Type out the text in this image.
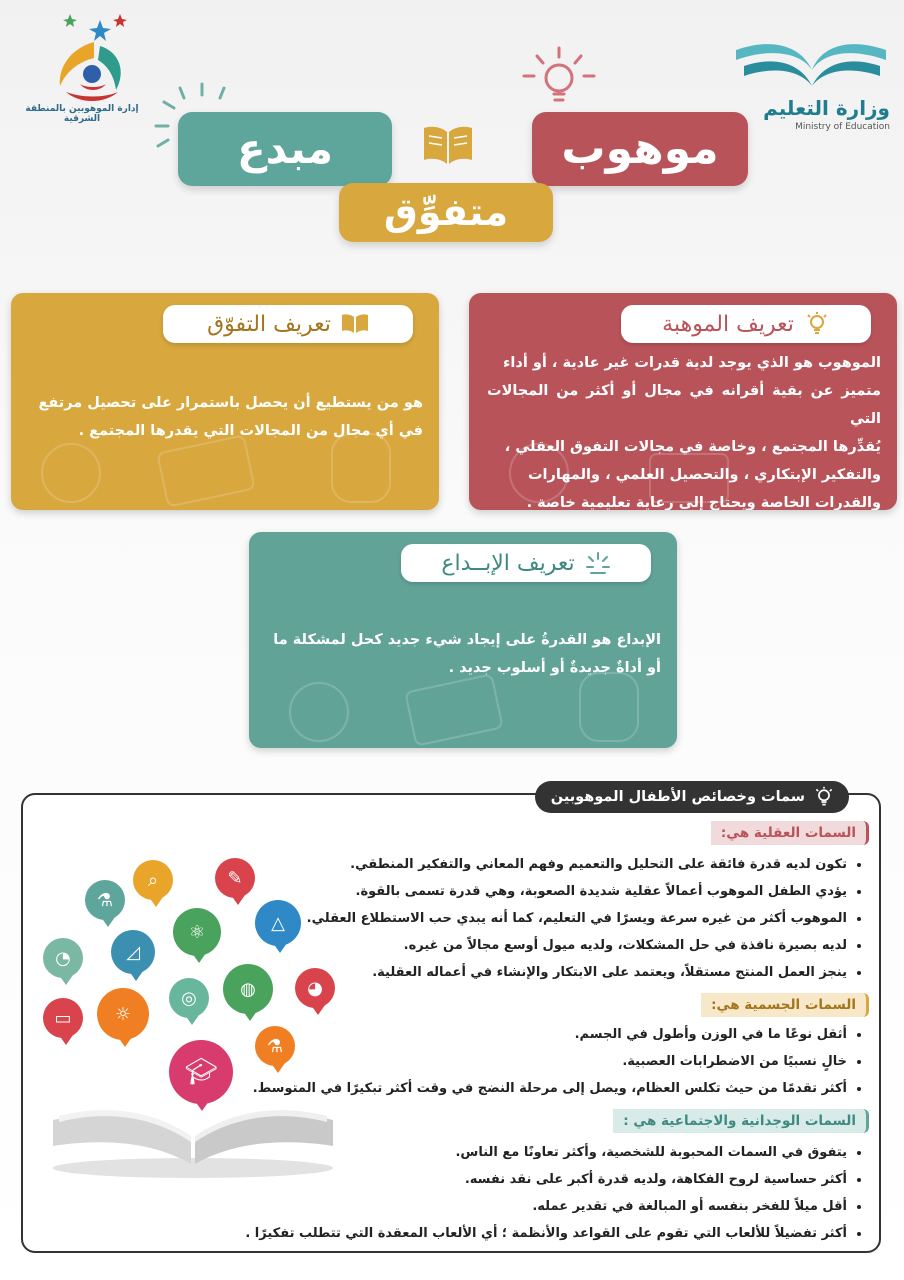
إدارة الموهوبين بالمنطقة الشرقية	وزارة التعليم
Ministry of Education
موهوب
مبدع
متفوِّق
تعريف الموهبة
الموهوب هو الذي يوجد لدية قدرات غير عادية ، أو أداء
متميز عن بقية أقرانه في مجال أو أكثر من المجالات التي
يُقدِّرها المجتمع ، وخاصة في مجالات التفوق العقلي ،
والتفكير الإبتكاري ، والتحصيل العلمي ، والمهارات
والقدرات الخاصة ويحتاج إلى رعاية تعليمية خاصة .
تعريف التفوّق
هو من يستطيع أن يحصل باستمرار على تحصيل مرتفع
في أي مجال من المجالات التي يقدرها المجتمع .
تعريف الإبــداع
الإبداع هو القدرةُ على إيجاد شيء جديد كحل لمشكلة ما
أو أداةٌ جديدةٌ أو أسلوب جديد .
سمات وخصائص الأطفال الموهوبين
السمات العقلية هي:
• تكون لديه قدرة فائقة على التحليل والتعميم وفهم المعاني والتفكير المنطقي.
• يؤدي الطفل الموهوب أعمالاً عقلية شديدة الصعوبة، وهي قدرة تسمى بالقوة.
• الموهوب أكثر من غيره سرعة ويسرًا في التعليم، كما أنه يبدي حب الاستطلاع العقلي.
• لديه بصيرة نافذة في حل المشكلات، ولديه ميول أوسع مجالاً من غيره.
• ينجز العمل المنتج مستقلاً، ويعتمد على الابتكار والإنشاء في أعماله العقلية.
السمات الجسمية هي:
• أثقل نوعًا ما في الوزن وأطول في الجسم.
• خالٍ نسبيًا من الاضطرابات العصبية.
• أكثر تقدمًا من حيث تكلس العظام، ويصل إلى مرحلة النضج في وقت أكثر تبكيرًا في المتوسط.
السمات الوجدانية والاجتماعية هي :
• يتفوق في السمات المحبوبة للشخصية، وأكثر تعاونًا مع الناس.
• أكثر حساسية لروح الفكاهة، ولديه قدرة أكبر على نقد نفسه.
• أقل ميلاً للفخر بنفسه أو المبالغة في تقدير عمله.
• أكثر تفضيلاً للألعاب التي تقوم على القواعد والأنظمة ؛ أي الألعاب المعقدة التي تتطلب تفكيرًا .
⚗
⌕	✎
⚛	△
◔	◿
◍	◕
▭ ☼
◎
⚗
🎓︎
